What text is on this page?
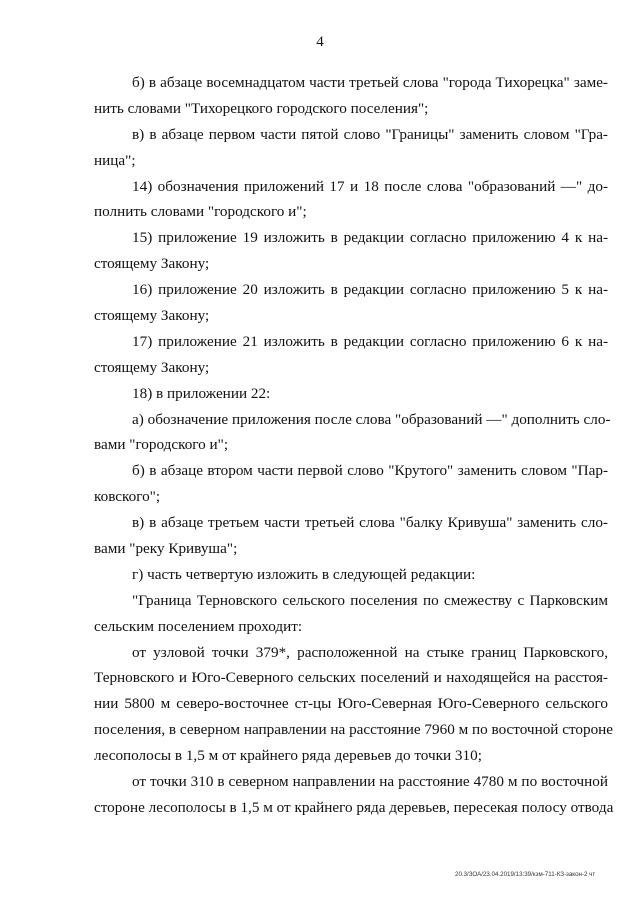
4
б) в абзаце восемнадцатом части третьей слова "города Тихорецка" заме-
нить словами "Тихорецкого городского поселения";
в) в абзаце первом части пятой слово "Границы" заменить словом "Гра-
ница";
14) обозначения приложений 17 и 18 после слова "образований —" до-
полнить словами "городского и";
15) приложение 19 изложить в редакции согласно приложению 4 к на-
стоящему Закону;
16) приложение 20 изложить в редакции согласно приложению 5 к на-
стоящему Закону;
17) приложение 21 изложить в редакции согласно приложению 6 к на-
стоящему Закону;
18) в приложении 22:
а) обозначение приложения после слова "образований —" дополнить сло-
вами "городского и";
б) в абзаце втором части первой слово "Крутого" заменить словом "Пар-
ковского";
в) в абзаце третьем части третьей слова "балку Кривуша" заменить сло-
вами "реку Кривуша";
г) часть четвертую изложить в следующей редакции:
"Граница Терновского сельского поселения по смежеству с Парковским
сельским поселением проходит:
от узловой точки 379*, расположенной на стыке границ Парковского,
Терновского и Юго-Северного сельских поселений и находящейся на расстоя-
нии 5800 м северо-восточнее ст-цы Юго-Северная Юго-Северного сельского
поселения, в северном направлении на расстояние 7960 м по восточной стороне
лесополосы в 1,5 м от крайнего ряда деревьев до точки 310;
от точки 310 в северном направлении на расстояние 4780 м по восточной
стороне лесополосы в 1,5 м от крайнего ряда деревьев, пересекая полосу отвода
20.3/ЗОА/23.04.2019/13:39/кзм-711-КЗ-закон-2 чт
